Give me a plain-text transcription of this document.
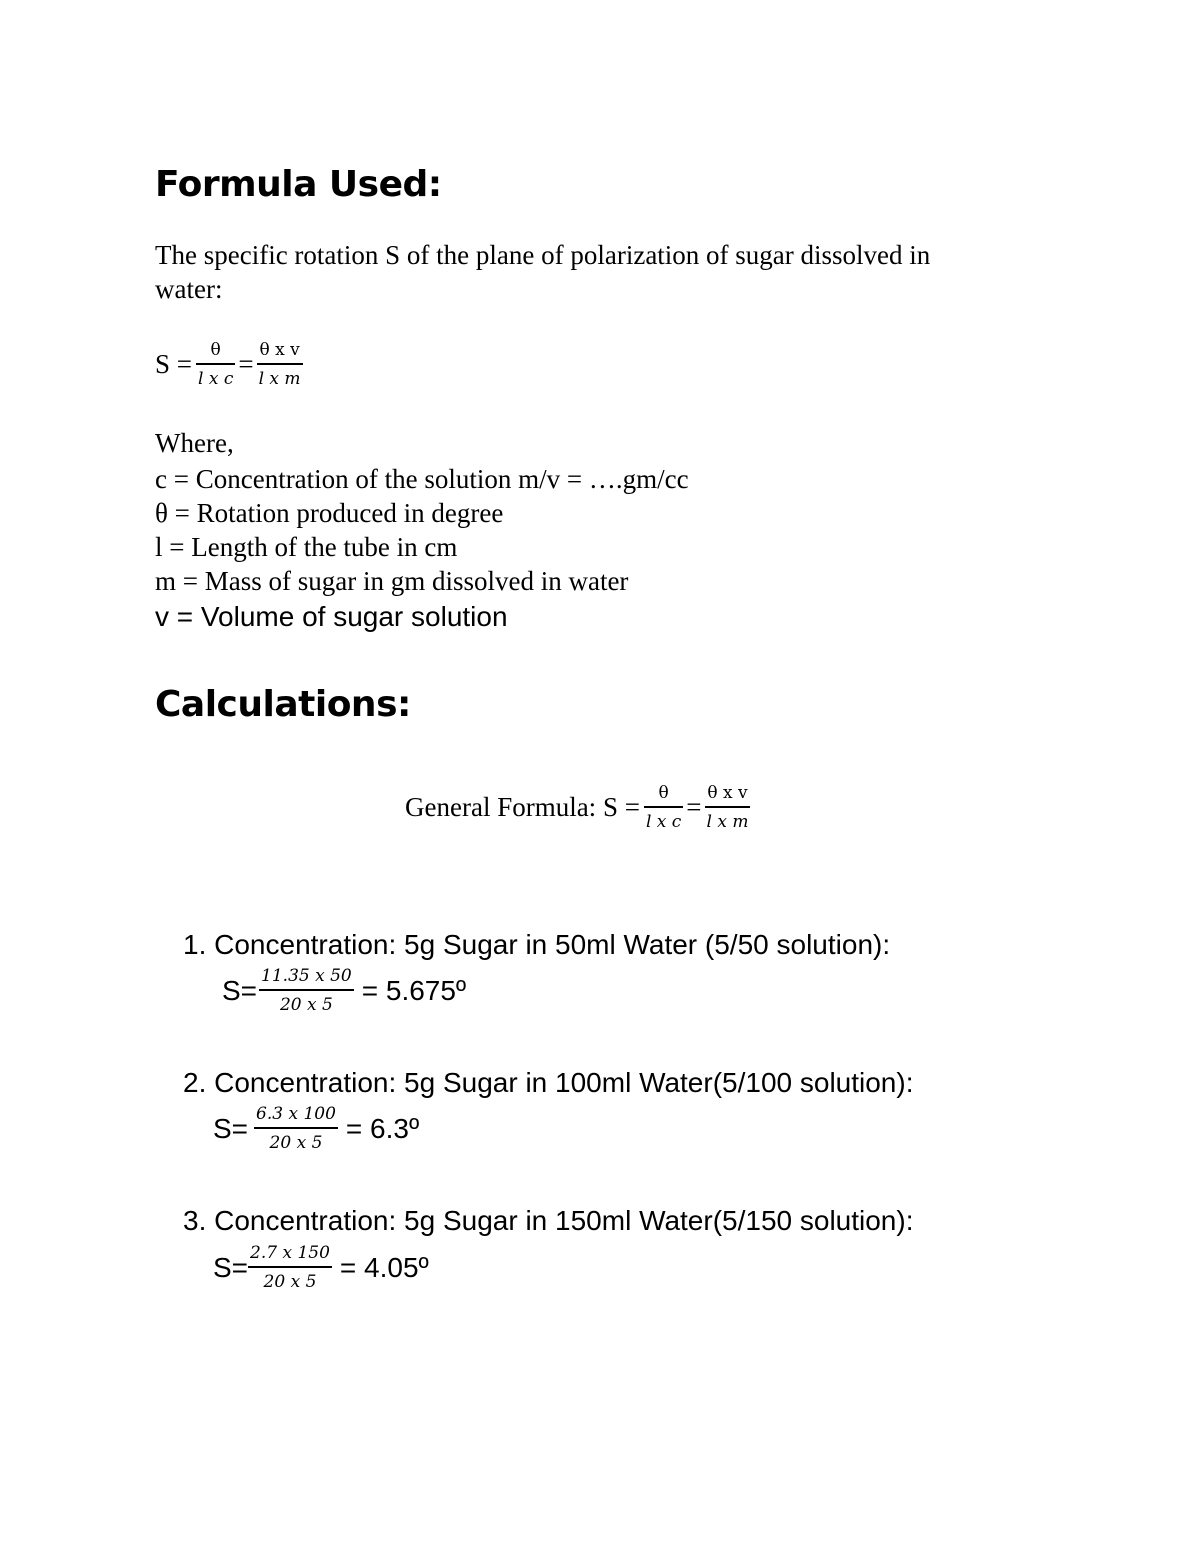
Formula Used:
The specific rotation S of the plane of polarization of sugar dissolved in
water:
$S = \frac{\theta}{\text{l x c}} = \frac{\text{θ x v}}{\text{l x m}}$
Where,
c = Concentration of the solution m/v = ….gm/cc
θ = Rotation produced in degree
l = Length of the tube in cm
m = Mass of sugar in gm dissolved in water
v = Volume of sugar solution
Calculations:
General Formula: $S = \frac{\theta}{\text{l x c}} = \frac{\text{θ x v}}{\text{l x m}}$
1. Concentration: 5g Sugar in 50ml Water (5/50 solution):
$S= \frac{11.35 x 50}{20 x 5}$ = 5.675º
2. Concentration: 5g Sugar in 100ml Water(5/100 solution):
$S= \frac{6.3 x 100}{20 x 5}$ = 6.3º
3. Concentration: 5g Sugar in 150ml Water(5/150 solution):
$S= \frac{2.7 x 150}{20 x 5}$ = 4.05º
